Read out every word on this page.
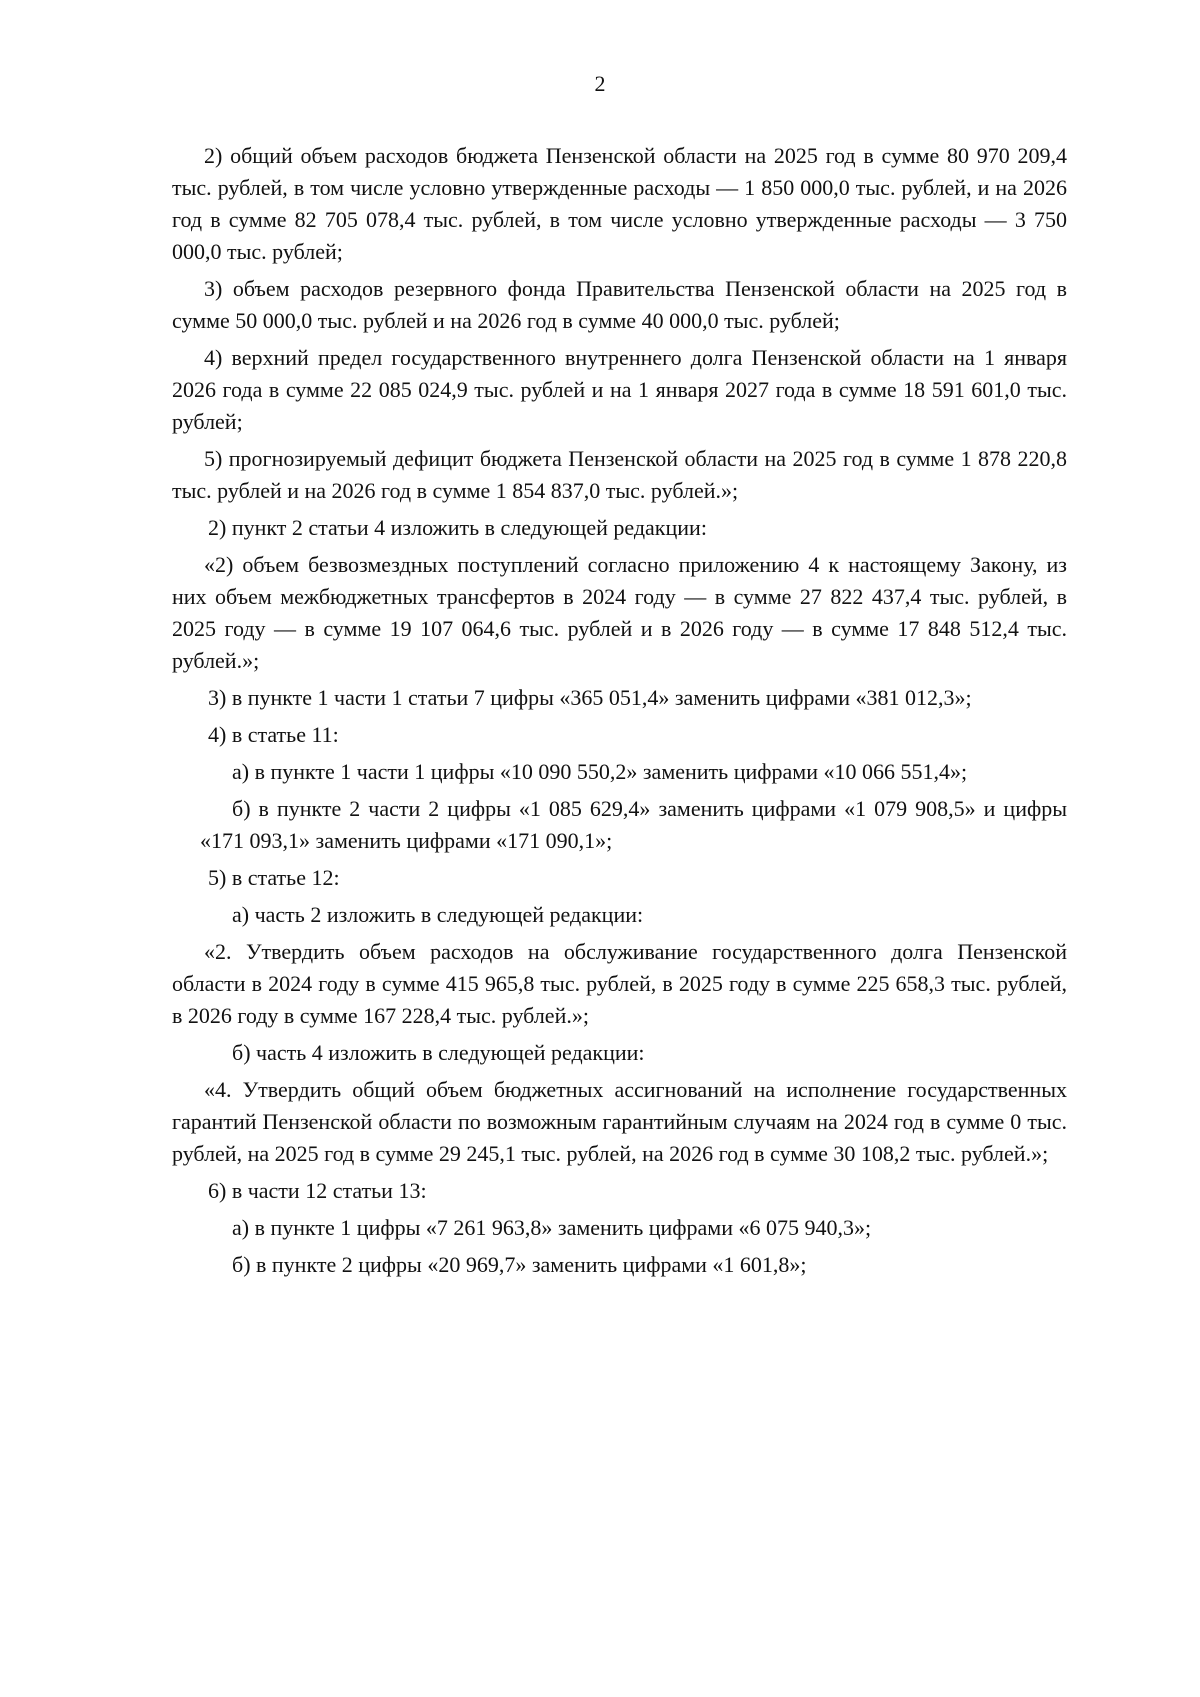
2

2) общий объем расходов бюджета Пензенской области на 2025 год в сумме 80 970 209,4 тыс. рублей, в том числе условно утвержденные расходы — 1 850 000,0 тыс. рублей, и на 2026 год в сумме 82 705 078,4 тыс. рублей, в том числе условно утвержденные расходы — 3 750 000,0 тыс. рублей;

3) объем расходов резервного фонда Правительства Пензенской области на 2025 год в сумме 50 000,0 тыс. рублей и на 2026 год в сумме 40 000,0 тыс. рублей;

4) верхний предел государственного внутреннего долга Пензенской области на 1 января 2026 года в сумме 22 085 024,9 тыс. рублей и на 1 января 2027 года в сумме 18 591 601,0 тыс. рублей;

5) прогнозируемый дефицит бюджета Пензенской области на 2025 год в сумме 1 878 220,8 тыс. рублей и на 2026 год в сумме 1 854 837,0 тыс. рублей.»;

2) пункт 2 статьи 4 изложить в следующей редакции:

«2) объем безвозмездных поступлений согласно приложению 4 к настоящему Закону, из них объем межбюджетных трансфертов в 2024 году — в сумме 27 822 437,4 тыс. рублей, в 2025 году — в сумме 19 107 064,6 тыс. рублей и в 2026 году — в сумме 17 848 512,4 тыс. рублей.»;

3) в пункте 1 части 1 статьи 7 цифры «365 051,4» заменить цифрами «381 012,3»;

4) в статье 11:

а) в пункте 1 части 1 цифры «10 090 550,2» заменить цифрами «10 066 551,4»;

б) в пункте 2 части 2 цифры «1 085 629,4» заменить цифрами «1 079 908,5» и цифры «171 093,1» заменить цифрами «171 090,1»;

5) в статье 12:

а) часть 2 изложить в следующей редакции:

«2. Утвердить объем расходов на обслуживание государственного долга Пензенской области в 2024 году в сумме 415 965,8 тыс. рублей, в 2025 году в сумме 225 658,3 тыс. рублей, в 2026 году в сумме 167 228,4 тыс. рублей.»;

б) часть 4 изложить в следующей редакции:

«4. Утвердить общий объем бюджетных ассигнований на исполнение государственных гарантий Пензенской области по возможным гарантийным случаям на 2024 год в сумме 0 тыс. рублей, на 2025 год в сумме 29 245,1 тыс. рублей, на 2026 год в сумме 30 108,2 тыс. рублей.»;

6) в части 12 статьи 13:

а) в пункте 1 цифры «7 261 963,8» заменить цифрами «6 075 940,3»;

б) в пункте 2 цифры «20 969,7» заменить цифрами «1 601,8»;
